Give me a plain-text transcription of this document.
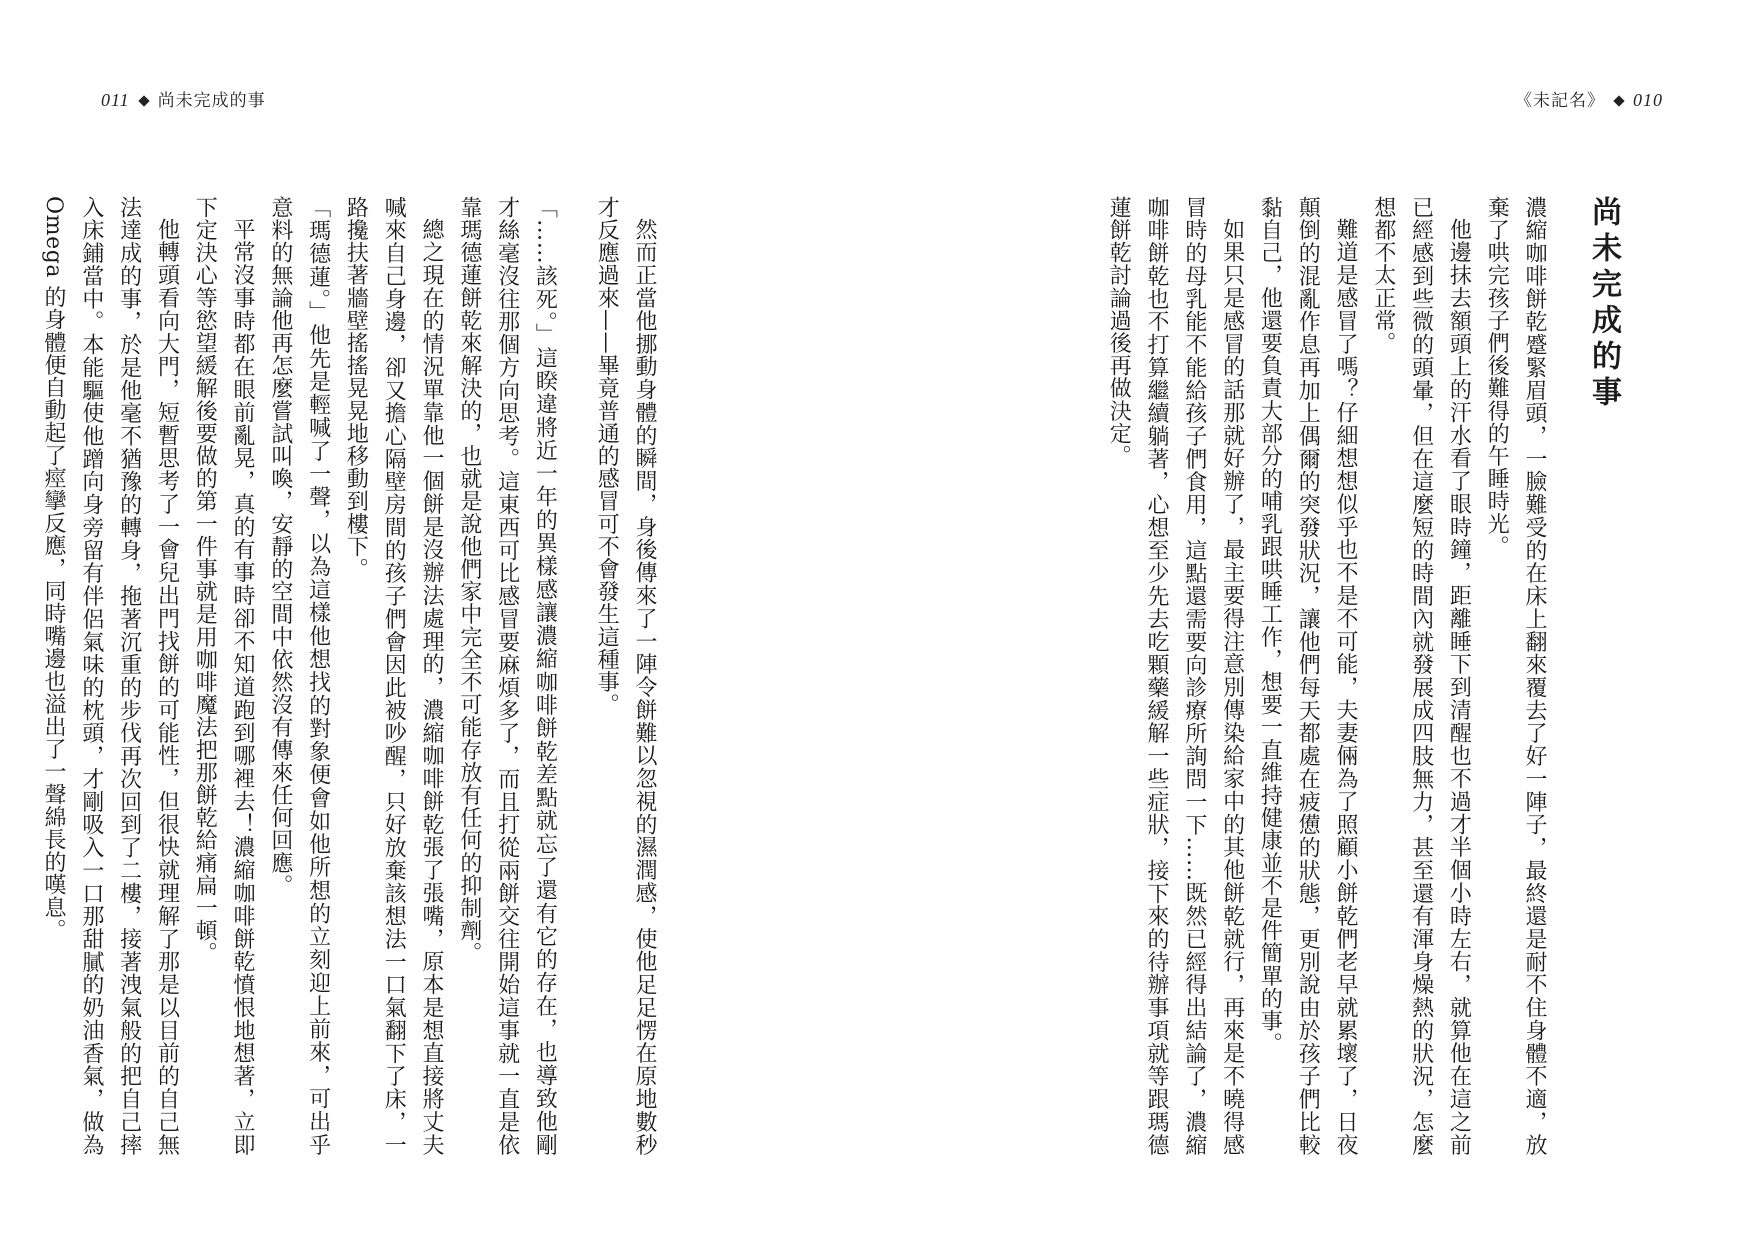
011 尚未完成的事	《未記名》 010
尚未完成的事

濃縮咖啡餅乾蹙緊眉頭，一臉難受的在床上翻來覆去了好一陣子，最終還是耐不住身體不適，放棄了哄完孩子們後難得的午睡時光。

他邊抹去額頭上的汗水看了眼時鐘，距離睡下到清醒也不過才半個小時左右，就算他在這之前已經感到些微的頭暈，但在這麼短的時間內就發展成四肢無力，甚至還有渾身燥熱的狀況，怎麼想都不太正常。

難道是感冒了嗎？仔細想想似乎也不是不可能，夫妻倆為了照顧小餅乾們老早就累壞了，日夜顛倒的混亂作息再加上偶爾的突發狀況，讓他們每天都處在疲憊的狀態，更別說由於孩子們比較黏自己，他還要負責大部分的哺乳跟哄睡工作，想要一直維持健康並不是件簡單的事。

如果只是感冒的話那就好辦了，最主要得注意別傳染給家中的其他餅乾就行，再來是不曉得感冒時的母乳能不能給孩子們食用，這點還需要向診療所詢問一下……既然已經得出結論了，濃縮咖啡餅乾也不打算繼續躺著，心想至少先去吃顆藥緩解一些症狀，接下來的待辦事項就等跟瑪德蓮餅乾討論過後再做決定。

然而正當他挪動身體的瞬間，身後傳來了一陣令餅難以忽視的濕潤感，使他足足愣在原地數秒才反應過來——畢竟普通的感冒可不會發生這種事。

「……該死。」這睽違將近一年的異樣感讓濃縮咖啡餅乾差點就忘了還有它的存在，也導致他剛才絲毫沒往那個方向思考。這東西可比感冒要麻煩多了，而且打從兩餅交往開始這事就一直是依靠瑪德蓮餅乾來解決的，也就是說他們家中完全不可能存放有任何的抑制劑。

總之現在的情況單靠他一個餅是沒辦法處理的，濃縮咖啡餅乾張了張嘴，原本是想直接將丈夫喊來自己身邊，卻又擔心隔壁房間的孩子們會因此被吵醒，只好放棄該想法一口氣翻下了床，一路攙扶著牆壁搖搖晃晃地移動到樓下。

「瑪德蓮。」他先是輕喊了一聲，以為這樣他想找的對象便會如他所想的立刻迎上前來，可出乎意料的無論他再怎麼嘗試叫喚，安靜的空間中依然沒有傳來任何回應。

平常沒事時都在眼前亂晃，真的有事時卻不知道跑到哪裡去！濃縮咖啡餅乾憤恨地想著，立即下定決心等慾望緩解後要做的第一件事就是用咖啡魔法把那餅乾給痛扁一頓。

他轉頭看向大門，短暫思考了一會兒出門找餅的可能性，但很快就理解了那是以目前的自己無法達成的事，於是他毫不猶豫的轉身，拖著沉重的步伐再次回到了二樓，接著洩氣般的把自己摔入床鋪當中。本能驅使他蹭向身旁留有伴侶氣味的枕頭，才剛吸入一口那甜膩的奶油香氣，做為 Omega 的身體便自動起了痙攣反應，同時嘴邊也溢出了一聲綿長的嘆息。
